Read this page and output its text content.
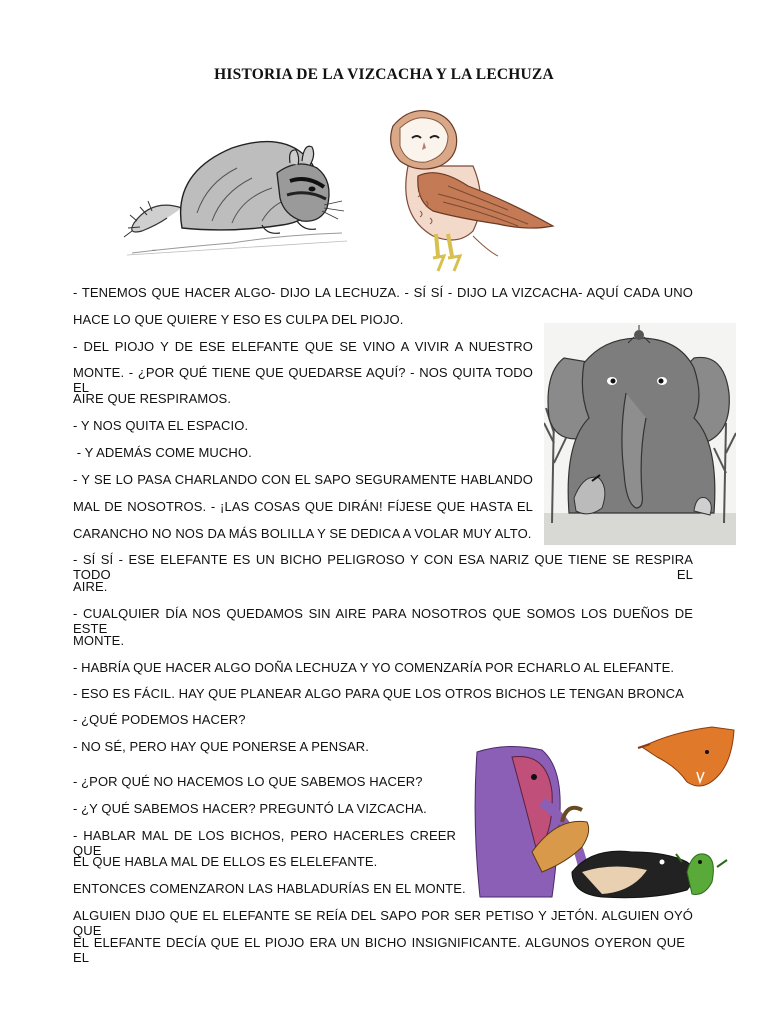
HISTORIA DE LA VIZCACHA Y LA LECHUZA
~
- TENEMOS QUE HACER ALGO- DIJO LA LECHUZA. - SÍ SÍ - DIJO LA VIZCACHA- AQUÍ CADA UNO
HACE LO QUE QUIERE Y ESO ES CULPA DEL PIOJO.
- DEL PIOJO Y DE ESE ELEFANTE QUE SE VINO A VIVIR A NUESTRO
MONTE. - ¿POR QUÉ TIENE QUE QUEDARSE AQUÍ? - NOS QUITA TODO EL
AIRE QUE RESPIRAMOS.
- Y NOS QUITA EL ESPACIO.
- Y ADEMÁS COME MUCHO.
- Y SE LO PASA CHARLANDO CON EL SAPO SEGURAMENTE HABLANDO
MAL DE NOSOTROS. - ¡LAS COSAS QUE DIRÁN! FÍJESE QUE HASTA EL
CARANCHO NO NOS DA MÁS BOLILLA Y SE DEDICA A VOLAR MUY ALTO.
- SÍ SÍ - ESE ELEFANTE ES UN BICHO PELIGROSO Y CON ESA NARIZ QUE TIENE SE RESPIRA TODO EL
AIRE.
- CUALQUIER DÍA NOS QUEDAMOS SIN AIRE PARA NOSOTROS QUE SOMOS LOS DUEÑOS DE ESTE
MONTE.
- HABRÍA QUE HACER ALGO DOÑA LECHUZA Y YO COMENZARÍA POR ECHARLO AL ELEFANTE.
- ESO ES FÁCIL. HAY QUE PLANEAR ALGO PARA QUE LOS OTROS BICHOS LE TENGAN BRONCA
- ¿QUÉ PODEMOS HACER?
- NO SÉ, PERO HAY QUE PONERSE A PENSAR.
- ¿POR QUÉ NO HACEMOS LO QUE SABEMOS HACER?
- ¿Y QUÉ SABEMOS HACER? PREGUNTÓ LA VIZCACHA.
- HABLAR MAL DE LOS BICHOS, PERO HACERLES CREER QUE
EL QUE HABLA MAL DE ELLOS ES ELELEFANTE.
ENTONCES COMENZARON LAS HABLADURÍAS EN EL MONTE.
ALGUIEN DIJO QUE EL ELEFANTE SE REÍA DEL SAPO POR SER PETISO Y JETÓN. ALGUIEN OYÓ QUE
EL ELEFANTE DECÍA QUE EL PIOJO ERA UN BICHO INSIGNIFICANTE. ALGUNOS OYERON QUE EL
